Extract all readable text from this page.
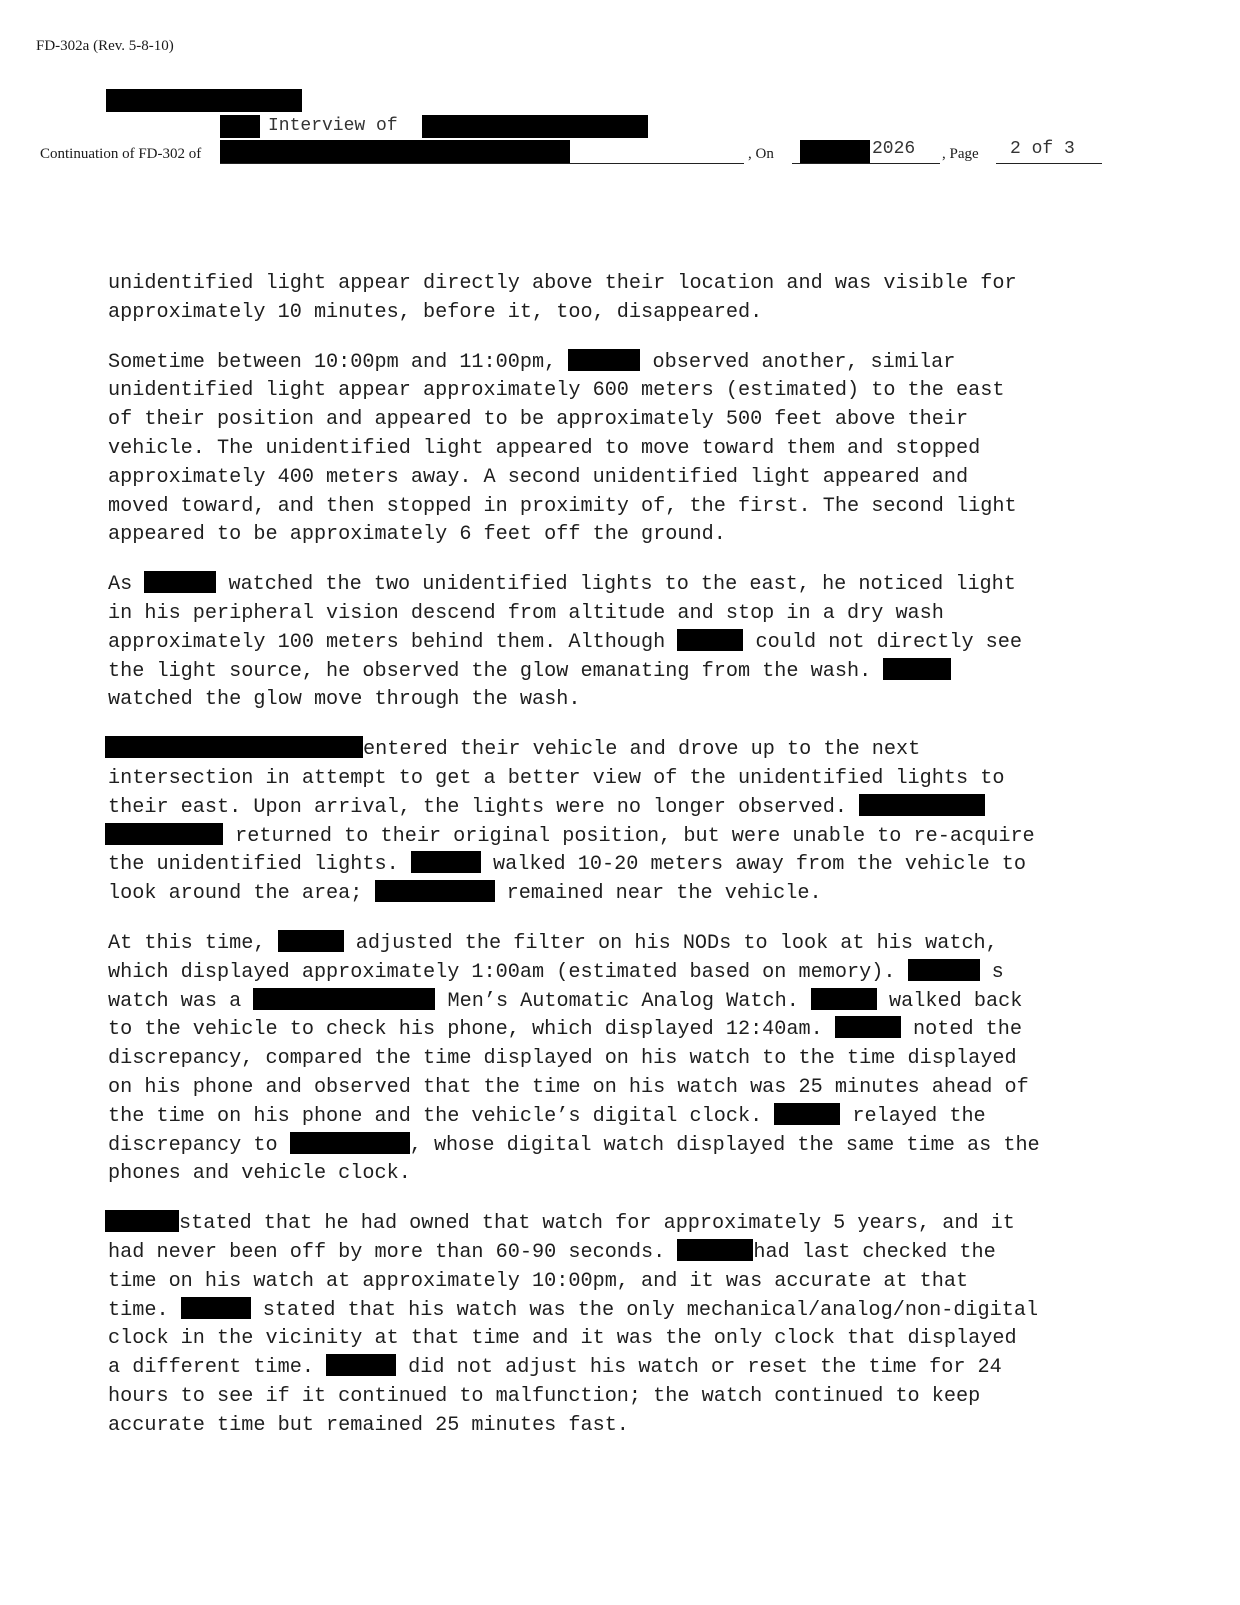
FD-302a (Rev. 5-8-10)
Interview of
Continuation of FD-302 of	, On	2026 , Page 2 of 3

unidentified light appear directly above their location and was visible for
approximately 10 minutes, before it, too, disappeared.

Sometime between 10:00pm and 11:00pm,	observed another, similar
unidentified light appear approximately 600 meters (estimated) to the east
of their position and appeared to be approximately 500 feet above their
vehicle. The unidentified light appeared to move toward them and stopped
approximately 400 meters away. A second unidentified light appeared and
moved toward, and then stopped in proximity of, the first. The second light
appeared to be approximately 6 feet off the ground.

As	watched the two unidentified lights to the east, he noticed light
in his peripheral vision descend from altitude and stop in a dry wash
approximately 100 meters behind them. Although	could not directly see
the light source, he observed the glow emanating from the wash.
watched the glow move through the wash.

entered their vehicle and drove up to the next
intersection in attempt to get a better view of the unidentified lights to
their east. Upon arrival, the lights were no longer observed.
returned to their original position, but were unable to re-acquire
the unidentified lights.	walked 10-20 meters away from the vehicle to
look around the area;	remained near the vehicle.

At this time,	adjusted the filter on his NODs to look at his watch,
which displayed approximately 1:00am (estimated based on memory).	s
watch was a	Men’s Automatic Analog Watch.	walked back
to the vehicle to check his phone, which displayed 12:40am.	noted the
discrepancy, compared the time displayed on his watch to the time displayed
on his phone and observed that the time on his watch was 25 minutes ahead of
the time on his phone and the vehicle’s digital clock.	relayed the
discrepancy to	, whose digital watch displayed the same time as the
phones and vehicle clock.

stated that he had owned that watch for approximately 5 years, and it
had never been off by more than 60-90 seconds.	had last checked the
time on his watch at approximately 10:00pm, and it was accurate at that
time.	stated that his watch was the only mechanical/analog/non-digital
clock in the vicinity at that time and it was the only clock that displayed
a different time.	did not adjust his watch or reset the time for 24
hours to see if it continued to malfunction; the watch continued to keep
accurate time but remained 25 minutes fast.
